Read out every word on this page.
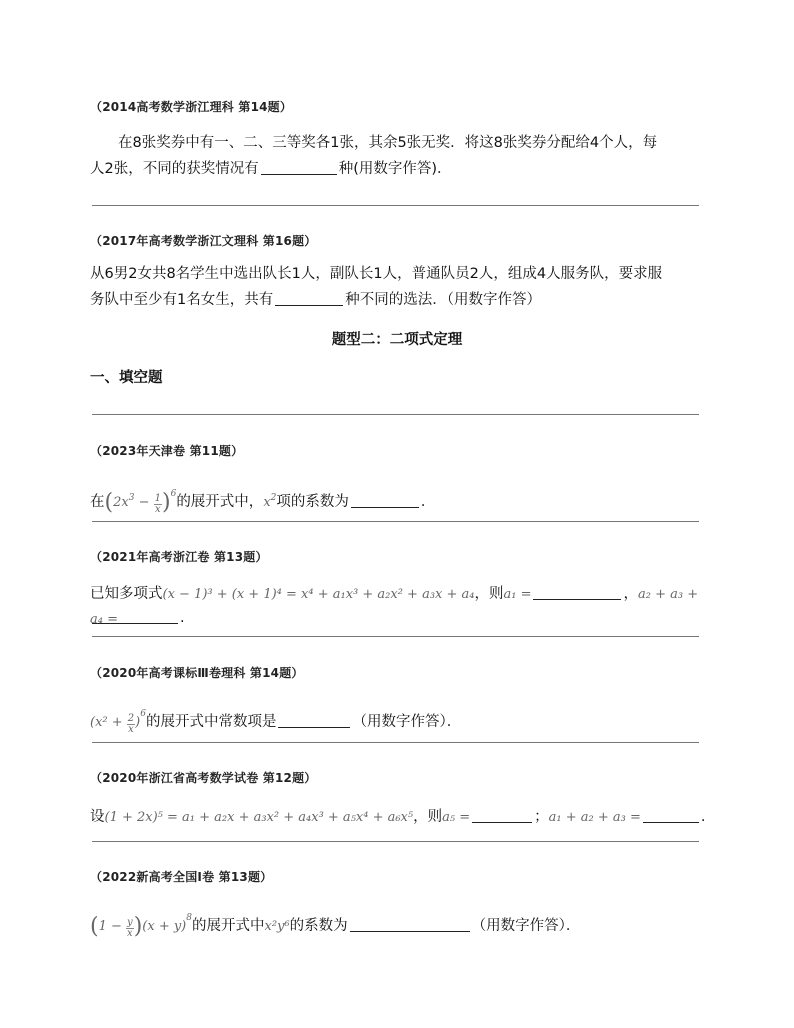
（2014高考数学浙江理科 第14题）
在8张奖券中有一、二、三等奖各1张，其余5张无奖．将这8张奖券分配给4个人，每
人2张，不同的获奖情况有	种(用数字作答)．
（2017年高考数学浙江文理科 第16题）
从6男2女共8名学生中选出队长1人，副队长1人，普通队员2人，组成4人服务队，要求服
务队中至少有1名女生，共有	种不同的选法．（用数字作答）
题型二：二项式定理
一、填空题
（2023年天津卷 第11题）
在$(2x^3 - \frac{1}{x} )^6$的展开式中，$x^2$项的系数为	．
（2021年高考浙江卷 第13题）
已知多项式(x − 1)³ + (x + 1)⁴ = x⁴ + a₁x³ + a₂x² + a₃x + a₄，则a₁ =	，a₂ + a₃ + a₄ =	.
（2020年高考课标Ⅲ卷理科 第14题）
$(x^2 + \frac{2}{x} )^6$的展开式中常数项是	（用数字作答）．
（2020年浙江省高考数学试卷 第12题）
设(1 + 2x)⁵ = a₁ + a₂x + a₃x² + a₄x³ + a₅x⁴ + a₆x⁵，则a₅ =	；a₁ + a₂ + a₃ =	.
（2022新高考全国I卷 第13题）
$(1 - \frac{y}{x} )(x + y)^8$的展开式中x²y⁶的系数为	（用数字作答）．
